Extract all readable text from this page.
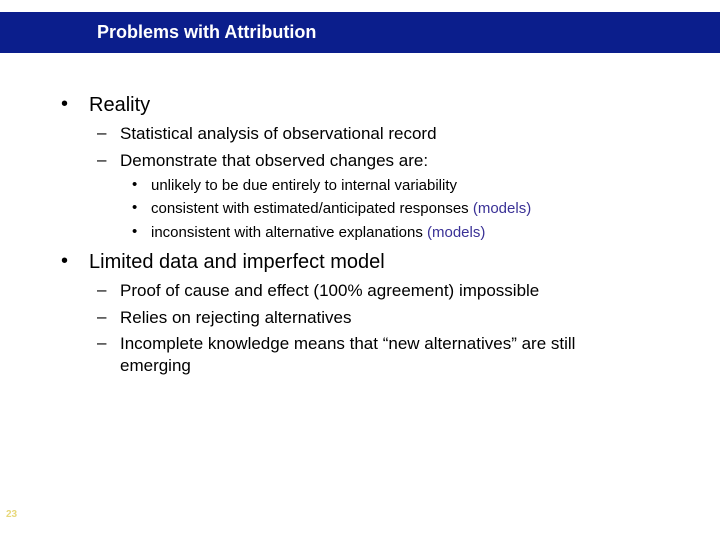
Problems with Attribution
• Reality
– Statistical analysis of observational record
– Demonstrate that observed changes are:
• unlikely to be due entirely to internal variability
• consistent with estimated/anticipated responses (models)
• inconsistent with alternative explanations (models)
• Limited data and imperfect model
– Proof of cause and effect (100% agreement) impossible
– Relies on rejecting alternatives
– Incomplete knowledge means that “new alternatives” are still
emerging
23
